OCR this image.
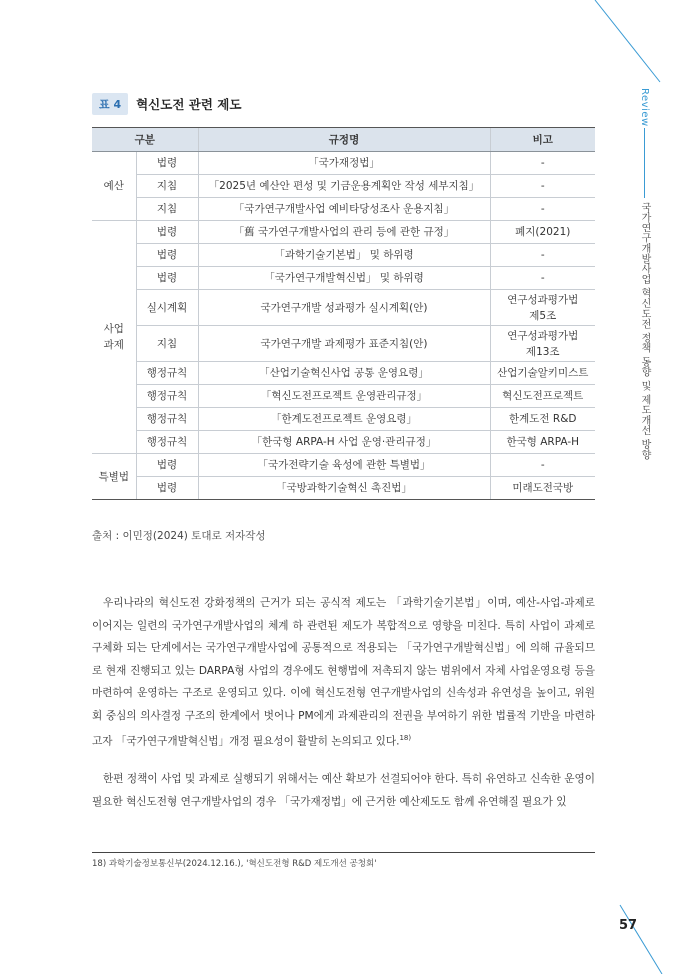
Review
국가연구개발사업 혁신도전 정책 동향 및 제도개선 방향
표 4	혁신도전 관련 제도
구분		규정명	비고
예산	법령	「국가재정법」	-
	지침	「2025년 예산안 편성 및 기금운용계획안 작성 세부지침」	-
	지침	「국가연구개발사업 예비타당성조사 운용지침」	-
사업 과제	법령	「舊 국가연구개발사업의 관리 등에 관한 규정」	폐지(2021)
	법령	「과학기술기본법」 및 하위령	-
	법령	「국가연구개발혁신법」 및 하위령	-
	실시계획	국가연구개발 성과평가 실시계획(안)	연구성과평가법 제5조
	지침	국가연구개발 과제평가 표준지침(안)	연구성과평가법 제13조
	행정규칙	「산업기술혁신사업 공통 운영요령」	산업기술알키미스트
	행정규칙	「혁신도전프로젝트 운영관리규정」	혁신도전프로젝트
	행정규칙	「한계도전프로젝트 운영요령」	한계도전 R&D
	행정규칙	「한국형 ARPA-H 사업 운영·관리규정」	한국형 ARPA-H
특별법	법령	「국가전략기술 육성에 관한 특별법」	-
	법령	「국방과학기술혁신 촉진법」	미래도전국방
출처 : 이민정(2024) 토대로 저자작성

우리나라의 혁신도전 강화정책의 근거가 되는 공식적 제도는 「과학기술기본법」이며, 예산-사업-과제로 이어지는 일련의 국가연구개발사업의 체계 하 관련된 제도가 복합적으로 영향을 미친다. 특히 사업이 과제로 구체화 되는 단계에서는 국가연구개발사업에 공통적으로 적용되는 「국가연구개발혁신법」에 의해 규율되므로 현재 진행되고 있는 DARPA형 사업의 경우에도 현행법에 저촉되지 않는 범위에서 자체 사업운영요령 등을 마련하여 운영하는 구조로 운영되고 있다. 이에 혁신도전형 연구개발사업의 신속성과 유연성을 높이고, 위원회 중심의 의사결정 구조의 한계에서 벗어나 PM에게 과제관리의 전권을 부여하기 위한 법률적 기반을 마련하고자 「국가연구개발혁신법」개정 필요성이 활발히 논의되고 있다.$^{18)}$

한편 정책이 사업 및 과제로 실행되기 위해서는 예산 확보가 선결되어야 한다. 특히 유연하고 신속한 운영이 필요한 혁신도전형 연구개발사업의 경우 「국가재정법」에 근거한 예산제도도 함께 유연해질 필요가 있

18) 과학기술정보통신부(2024.12.16.), '혁신도전형 R&D 제도개선 공청회'
57
